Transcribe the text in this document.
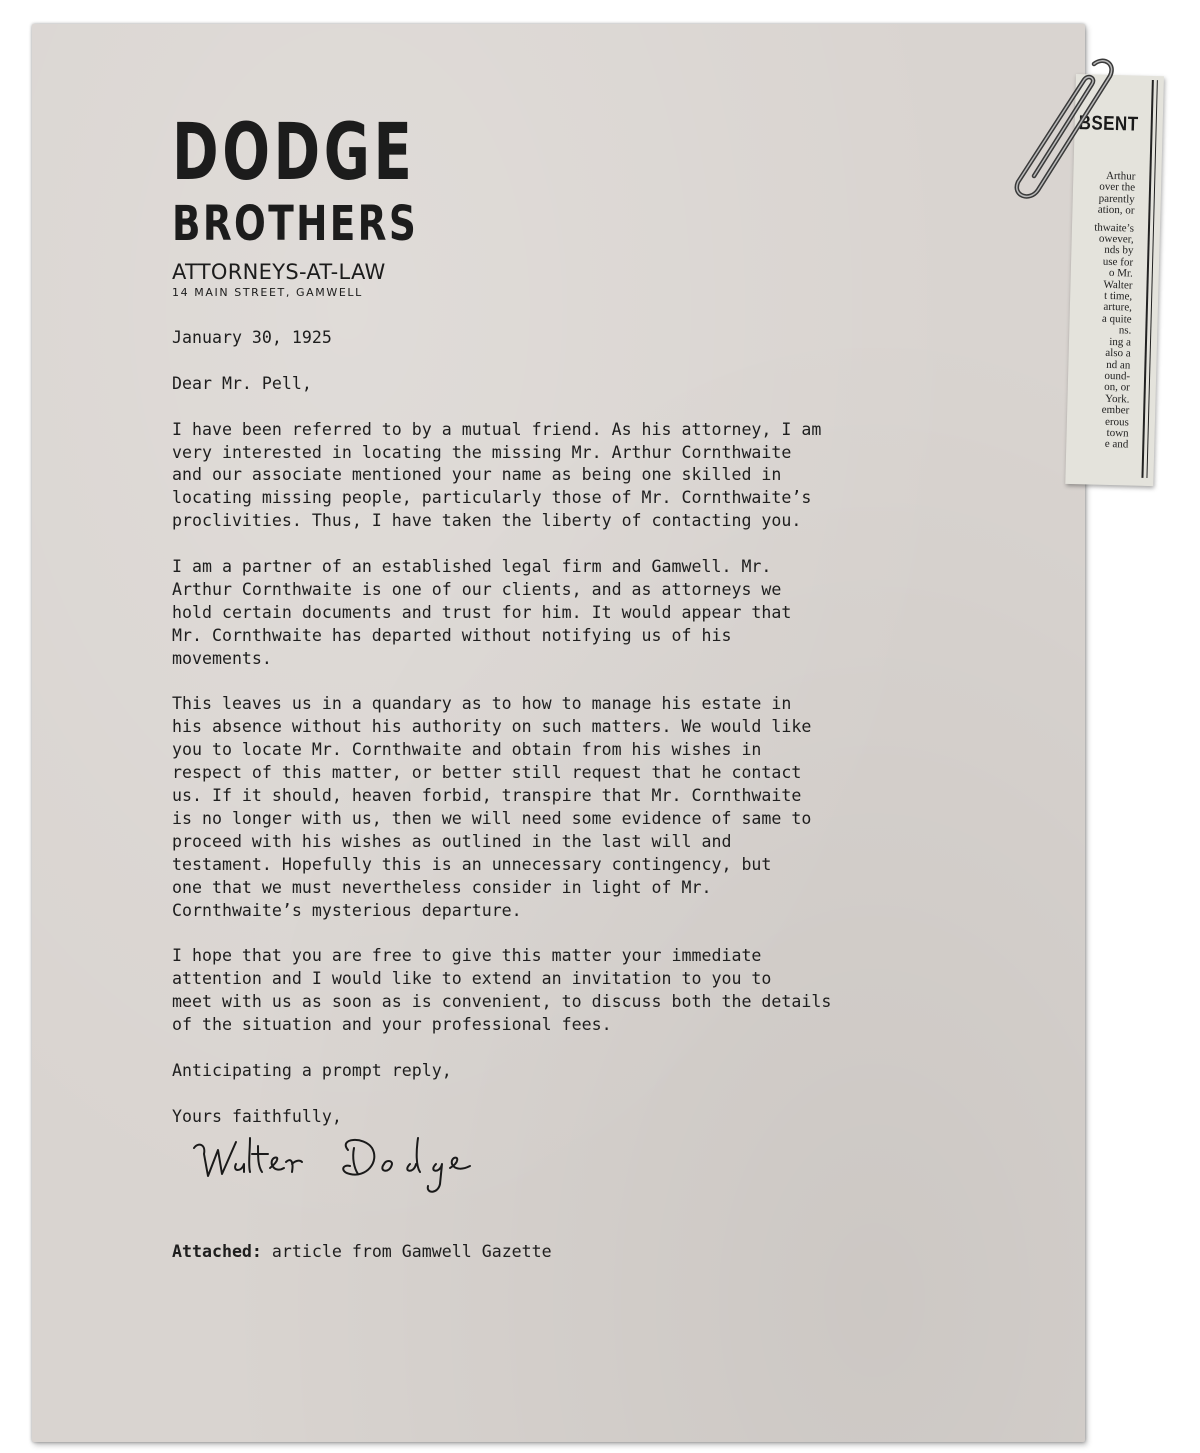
BSENT
Arthur
over the
parently
ation, or
thwaite’s
owever,
nds by
use for
o Mr.
Walter
t time,
arture,
a quite
ns.
ing a
also a
nd an
ound-
on, or
York.
ember
erous
town
e and
DODGE
BROTHERS
ATTORNEYS-AT-LAW
14 MAIN STREET, GAMWELL

January 30, 1925

Dear Mr. Pell,

I have been referred to by a mutual friend. As his attorney, I am
very interested in locating the missing Mr. Arthur Cornthwaite
and our associate mentioned your name as being one skilled in
locating missing people, particularly those of Mr. Cornthwaite’s
proclivities. Thus, I have taken the liberty of contacting you.

I am a partner of an established legal firm and Gamwell. Mr.
Arthur Cornthwaite is one of our clients, and as attorneys we
hold certain documents and trust for him. It would appear that
Mr. Cornthwaite has departed without notifying us of his
movements.

This leaves us in a quandary as to how to manage his estate in
his absence without his authority on such matters. We would like
you to locate Mr. Cornthwaite and obtain from his wishes in
respect of this matter, or better still request that he contact
us. If it should, heaven forbid, transpire that Mr. Cornthwaite
is no longer with us, then we will need some evidence of same to
proceed with his wishes as outlined in the last will and
testament. Hopefully this is an unnecessary contingency, but
one that we must nevertheless consider in light of Mr.
Cornthwaite’s mysterious departure.

I hope that you are free to give this matter your immediate
attention and I would like to extend an invitation to you to
meet with us as soon as is convenient, to discuss both the details
of the situation and your professional fees.

Anticipating a prompt reply,

Yours faithfully,

Attached: article from Gamwell Gazette
